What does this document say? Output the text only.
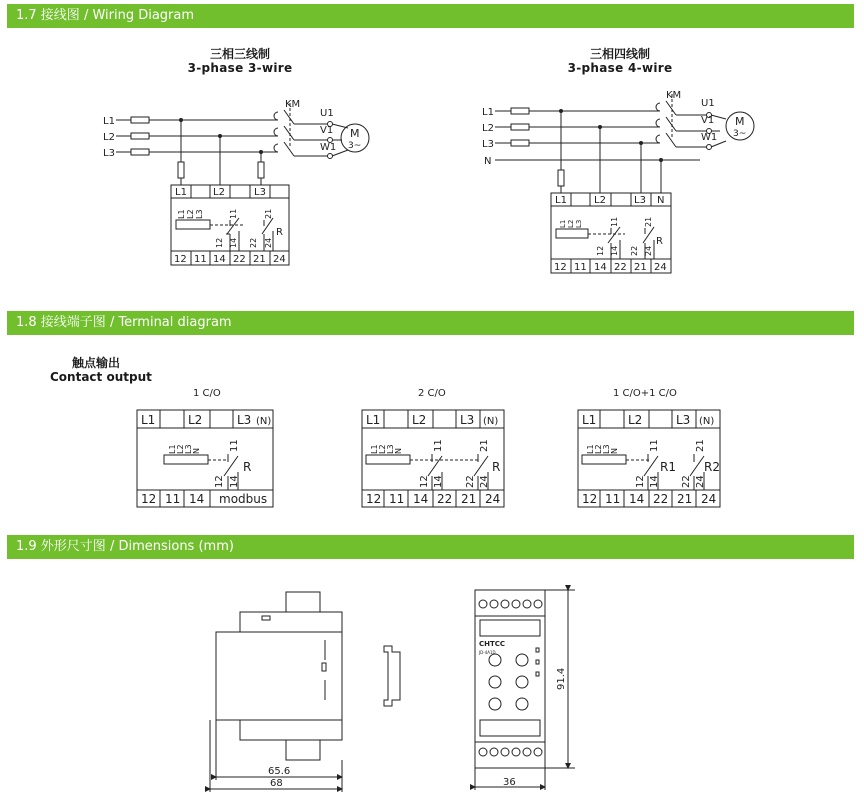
1.7 接线图 / Wiring Diagram
1.8 接线端子图 / Terminal diagram
1.9 外形尺寸图 / Dimensions (mm)
三相三线制
3-phase 3-wire
三相四线制
3-phase 4-wire
触点输出
Contact output
L1
L2
L3
KM
U1
V1
W1
M
3~
L1	L2	L3
12 11 14 22 21 24
R
L1 L2 L3	11	21
12 14 22 24
L1
L2
L3
N
KM
U1
V1
W1
M
3~
L1	L2	L3 N
12 11 14 22 21 24
R
L1 L2 L3	11	21
12 14 22 24
1 C/O	2 C/O	1 C/O+1 C/O
L1	L2	L3 (N)
12 11 14 modbus
R
L1 L2 L3 N	11
12 14
L1	L2	L3 (N)
12 11 14 22 21 24
R
L1 L2 L3 N	11	21
12 14 22 24
L1	L2	L3 (N)
12 11 14 22 21 24
R1 R2
L1 L2 L3 N	11	21
12 14 22 24
65.6
68
91.4
36
CHTCC
JD-4A1D
